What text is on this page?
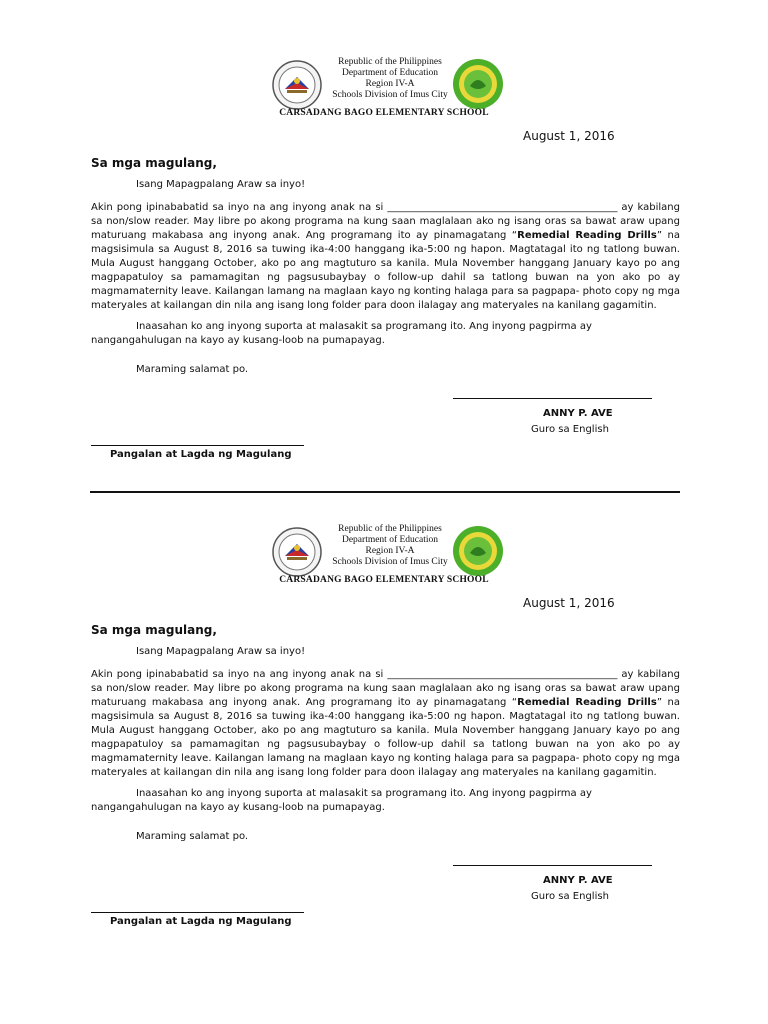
Republic of the Philippines
Department of Education
Region IV-A
Schools Division of Imus City
CARSADANG BAGO ELEMENTARY SCHOOL
August 1, 2016
Sa mga magulang,
Isang Mapagpalang Araw sa inyo!
Akin pong ipinababatid sa inyo na ang inyong anak na si ______________________________________________ ay kabilang sa non/slow reader. May libre po akong programa na kung saan maglalaan ako ng isang oras sa bawat araw upang maturuang makabasa ang inyong anak. Ang programang ito ay pinamagatang “Remedial Reading Drills” na magsisimula sa August 8, 2016 sa tuwing ika-4:00 hanggang ika-5:00 ng hapon. Magtatagal ito ng tatlong buwan. Mula August hanggang October, ako po ang magtuturo sa kanila. Mula November hanggang January kayo po ang magpapatuloy sa pamamagitan ng pagsusubaybay o follow-up dahil sa tatlong buwan na yon ako po ay magmamaternity leave. Kailangan lamang na maglaan kayo ng konting halaga para sa pagpapa- photo copy ng mga materyales at kailangan din nila ang isang long folder para doon ilalagay ang materyales na kanilang gagamitin.
Inaasahan ko ang inyong suporta at malasakit sa programang ito. Ang inyong pagpirma ay nangangahulugan na kayo ay kusang-loob na pumapayag.
Maraming salamat po.
ANNY P. AVE
Guro sa English
Pangalan at Lagda ng Magulang
Republic of the Philippines
Department of Education
Region IV-A
Schools Division of Imus City
CARSADANG BAGO ELEMENTARY SCHOOL
August 1, 2016
Sa mga magulang,
Isang Mapagpalang Araw sa inyo!
Akin pong ipinababatid sa inyo na ang inyong anak na si ______________________________________________ ay kabilang sa non/slow reader. May libre po akong programa na kung saan maglalaan ako ng isang oras sa bawat araw upang maturuang makabasa ang inyong anak. Ang programang ito ay pinamagatang “Remedial Reading Drills” na magsisimula sa August 8, 2016 sa tuwing ika-4:00 hanggang ika-5:00 ng hapon. Magtatagal ito ng tatlong buwan. Mula August hanggang October, ako po ang magtuturo sa kanila. Mula November hanggang January kayo po ang magpapatuloy sa pamamagitan ng pagsusubaybay o follow-up dahil sa tatlong buwan na yon ako po ay magmamaternity leave. Kailangan lamang na maglaan kayo ng konting halaga para sa pagpapa- photo copy ng mga materyales at kailangan din nila ang isang long folder para doon ilalagay ang materyales na kanilang gagamitin.
Inaasahan ko ang inyong suporta at malasakit sa programang ito. Ang inyong pagpirma ay nangangahulugan na kayo ay kusang-loob na pumapayag.
Maraming salamat po.
ANNY P. AVE
Guro sa English
Pangalan at Lagda ng Magulang
